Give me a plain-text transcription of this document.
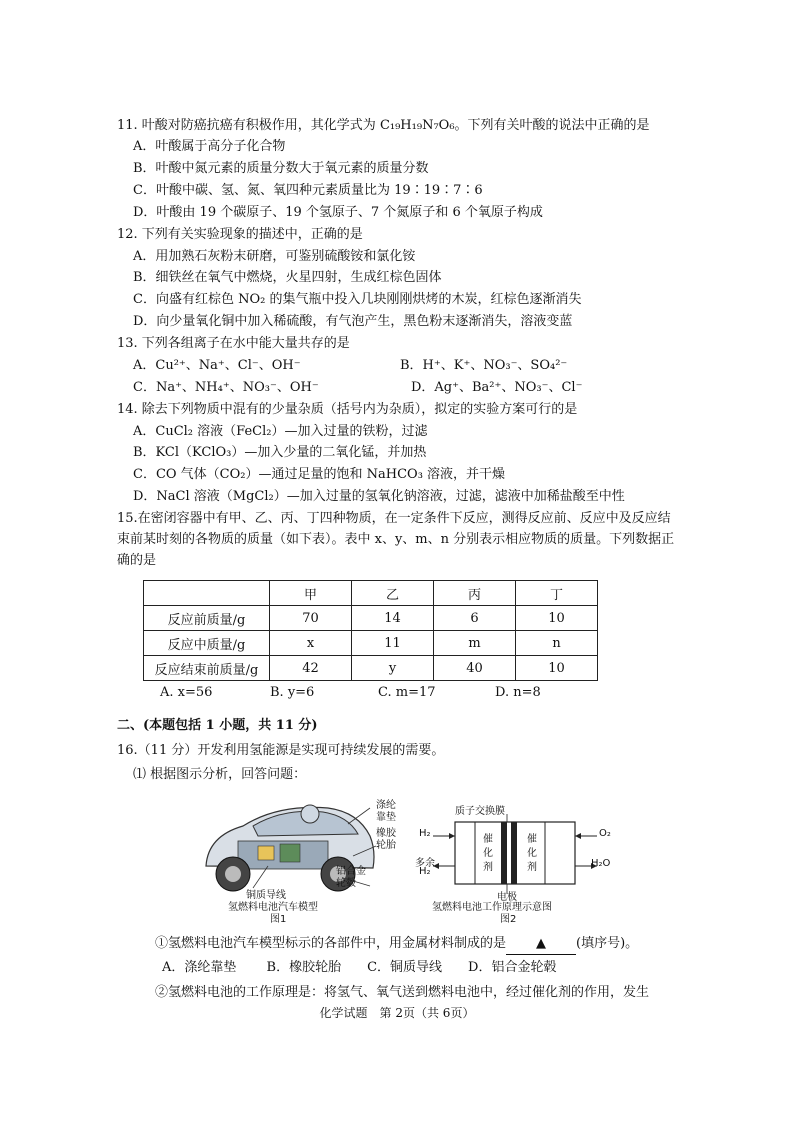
11. 叶酸对防癌抗癌有积极作用，其化学式为 C₁₉H₁₉N₇O₆。下列有关叶酸的说法中正确的是
A．叶酸属于高分子化合物
B．叶酸中氮元素的质量分数大于氧元素的质量分数
C．叶酸中碳、氢、氮、氧四种元素质量比为 19∶19∶7∶6
D．叶酸由 19 个碳原子、19 个氢原子、7 个氮原子和 6 个氧原子构成
12. 下列有关实验现象的描述中，正确的是
A．用加熟石灰粉末研磨，可鉴别硫酸铵和氯化铵
B．细铁丝在氧气中燃烧，火星四射，生成红棕色固体
C．向盛有红棕色 NO₂ 的集气瓶中投入几块刚刚烘烤的木炭，红棕色逐渐消失
D．向少量氧化铜中加入稀硫酸，有气泡产生，黑色粉末逐渐消失，溶液变蓝
13. 下列各组离子在水中能大量共存的是
A．Cu²⁺、Na⁺、Cl⁻、OH⁻	B．H⁺、K⁺、NO₃⁻、SO₄²⁻
C．Na⁺、NH₄⁺、NO₃⁻、OH⁻	D．Ag⁺、Ba²⁺、NO₃⁻、Cl⁻
14. 除去下列物质中混有的少量杂质（括号内为杂质），拟定的实验方案可行的是
A．CuCl₂ 溶液（FeCl₂）—加入过量的铁粉，过滤
B．KCl（KClO₃）—加入少量的二氧化锰，并加热
C．CO 气体（CO₂）—通过足量的饱和 NaHCO₃ 溶液，并干燥
D．NaCl 溶液（MgCl₂）—加入过量的氢氧化钠溶液，过滤，滤液中加稀盐酸至中性
15.在密闭容器中有甲、乙、丙、丁四种物质，在一定条件下反应，测得反应前、反应中及反应结束前某时刻的各物质的质量（如下表）。表中 x、y、m、n 分别表示相应物质的质量。下列数据正确的是
	甲	乙	丙	丁
反应前质量/g	70	14	6	10
反应中质量/g	x	11	m	n
反应结束前质量/g	42	y	40	10
A. x=56	B. y=6	C. m=17	D. n=8
二、(本题包括 1 小题，共 11 分)
16.（11 分）开发利用氢能源是实现可持续发展的需要。
⑴ 根据图示分析，回答问题：
涤纶
靠垫
橡胶
轮胎
铝合金
轮毂
铜质导线
氢燃料电池汽车模型
图1
质子交换膜
H₂
多余
H₂
O₂
H₂O
催
化
剂
催
化
剂
电极
氢燃料电池工作原理示意图
图2
①氢燃料电池汽车模型标示的各部件中，用金属材料制成的是 ▲ (填序号)。
A．涤纶靠垫　　 B．橡胶轮胎　　C．铜质导线　　D．铝合金轮毂
②氢燃料电池的工作原理是：将氢气、氧气送到燃料电池中，经过催化剂的作用，发生
化学试题　第 2页（共 6页）
